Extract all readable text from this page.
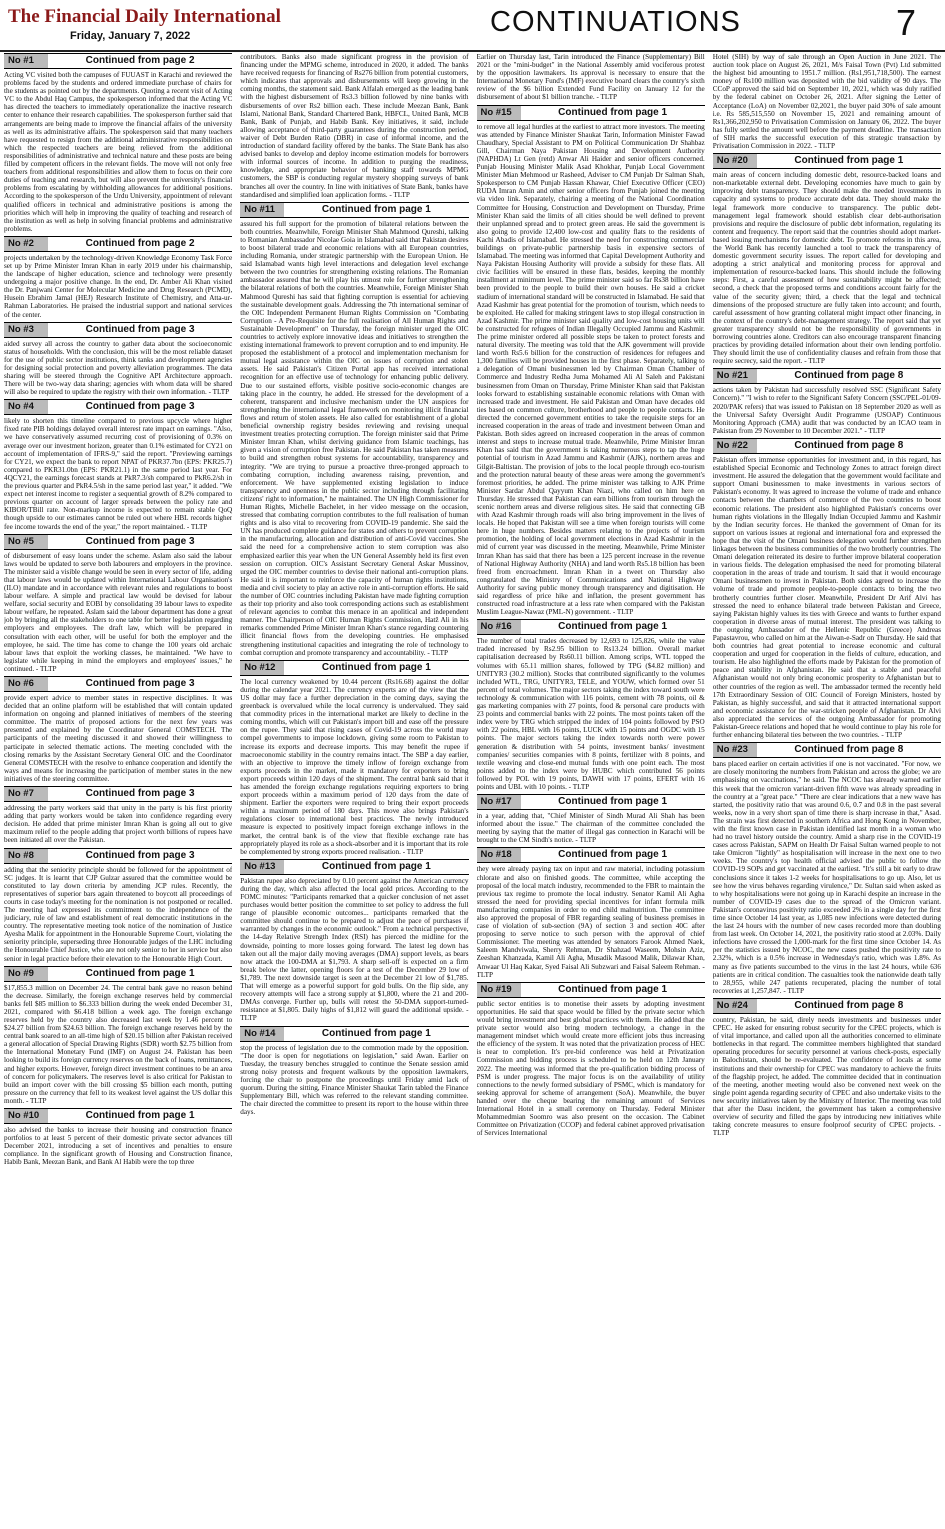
The Financial Daily International
Friday, January 7, 2022	CONTINUATIONS	7
No #1	Continued from page 2

Acting VC visited both the campuses of FUUAST in Karachi and reviewed the problems faced by the students and ordered immediate purchase of chairs for the students as pointed out by the departments. Quoting a recent visit of Acting VC to the Abdul Haq Campus, the spokesperson informed that the Acting VC has directed the teachers to immediately operationalize the inactive research center to enhance their research capabilities. The spokesperson further said that arrangements are being made to improve the financial affairs of the university as well as its administrative affairs. The spokesperson said that many teachers have requested to resign from the additional administrative responsibilities on which the respected teachers are being relieved from the additional responsibilities of administrative and technical nature and these posts are being filled by competent officers in the relevant fields. The move will not only free teachers from additional responsibilities and allow them to focus on their core duties of teaching and research, but will also prevent the university's financial problems from escalating by withholding allowances for additional positions. According to the spokesperson of the Urdu University, appointment of relevant qualified officers in technical and administrative positions is among the priorities which will help in improving the quality of teaching and research of the institution as well as help in solving financial problems and administrative problems.

No #2	Continued from page 2

projects undertaken by the technology-driven Knowledge Economy Task Force set up by Prime Minister Imran Khan in early 2019 under his chairmanship, the landscape of higher education, science and technology were presently undergoing a major positive change. In the end, Dr. Amber Ali Khan visited the Dr. Panjwani Center for Molecular Medicine and Drug Research (PCMD), Husein Ebrahim Jamal (HEJ) Research Institute of Chemistry, and Atta-ur-Rahman Laboratories. He praised the industrial support and national services of the center.

No #3	Continued from page 3

aided survey all across the country to gather data about the socioeconomic status of households. With the conclusion, this will be the most reliable dataset for the use of public sector institutions, think tanks and development agencies for designing social protection and poverty alleviation programmes. The data sharing will be steered through the Cognitive API Architecture approach. There will be two-way data sharing; agencies with whom data will be shared will also be required to update the registry with their own information. - TLTP

No #4	Continued from page 3

likely to shorten this timeline compared to previous upcycle where higher fixed rate PIB holdings delayed overall interest rate impact on earnings. "Also, we have conservatively assumed recurring cost of provisioning of 0.3% on average over our investment horizon, greater than 0.1% estimated for CY21 on account of implementation of IFRS-9," said the report. "Previewing earnings for CY21, we expect the bank to report NPAT of PKR37.7bn (EPS: PKR25.7) compared to PKR31.0bn (EPS: PKR21.1) in the same period last year. For 4QCY21, the earnings forecast stands at PkR7.3/sh compared to PkR6.2/sh in the previous quarter and PkR4.5/sh in the same period last year," it added. "We expect net interest income to register a sequential growth of 8.2% compared to previous quarter on account of larger spreads between the policy rate and KIBOR/TBill rate. Non-markup income is expected to remain stable QoQ though upside to our estimates cannot be ruled out where HBL records higher fee income towards the end of the year," the report maintained. - TLTP

No #5	Continued from page 3

of disbursement of easy loans under the scheme. Aslam also said the labour laws would be updated to serve both labourers and employers in the province. The minister said a visible change would be seen in every sector of life, adding that labour laws would be updated within International Labour Organisation's (ILO) mandate and in accordance with relevant rules and regulations to boost labour welfare. A simple and practical law would be devised for labour welfare, social security and EOBI by consolidating 39 labour laws to expedite labour welfare, he repeated. Aslam said the labour department has done a great job by bringing all the stakeholders to one table for better legislation regarding employers and employees. The draft law, which will be prepared in consultation with each other, will be useful for both the employer and the employee, he said. The time has come to change the 100 years old archaic labour laws that exploit the working classes, he maintained. "We have to legislate while keeping in mind the employers and employees' issues," he continued. - TLTP

No #6	Continued from page 3

provide expert advice to member states in respective disciplines. It was decided that an online platform will be established that will contain updated information on ongoing and planned initiatives of members of the steering committee. The matrix of proposed actions for the next few years was presented and explained by the Coordinator General COMSTECH. The participants of the meeting discussed it and showed their willingness to participate in selected thematic actions. The meeting concluded with the closing remarks by the Assistant Secretary General OIC and the Coordinator General COMSTECH with the resolve to enhance cooperation and identify the ways and means for increasing the participation of member states in the new initiatives of the steering committee.

No #7	Continued from page 3

addressing the party workers said that unity in the party is his first priority adding that party workers would be taken into confidence regarding every decision. He added that prime minister Imran Khan is going all out to give maximum relief to the people adding that project worth billions of rupees have been initiated all over the Pakistan.

No #8	Continued from page 3

adding that the seniority principle should be followed for the appointment of SC judges. It is learnt that CJP Gulzar assured that the committee would be constituted to lay down criteria by amending JCP rules. Recently, the representatives of superior bars again threatened to boycott all proceedings of courts in case today's meeting for the nomination is not postponed or recalled. The meeting had expressed its commitment to the independence of the judiciary, rule of law and establishment of real democratic institutions in the country. The representative meeting took notice of the nomination of Justice Ayesha Malik for appointment in the Honourable Supreme Court, violating the seniority principle, superseding three Honourable judges of the LHC including the Honourable Chief Justice, who are not only senior to her in service but also senior in legal practice before their elevation to the Honourable High Court.

No #9	Continued from page 1

$17,855.3 million on December 24. The central bank gave no reason behind the decrease. Similarly, the foreign exchange reserves held by commercial banks fell $85 million to $6.333 billion during the week ended December 31, 2021, compared with $6.418 billion a week ago. The foreign exchange reserves held by the country also decreased last week by 1.46 percent to $24.27 billion from $24.63 billion. The foreign exchange reserves held by the central bank soared to an all-time high of $20.15 billion after Pakistan received a general allocation of Special Drawing Rights (SDR) worth $2.75 billion from the International Monetary Fund (IMF) on August 24. Pakistan has been looking to build its foreign currency reserves on the back of loans, remittances, and higher exports. However, foreign direct investment continues to be an area of concern for policymakers. The reserves level is also critical for Pakistan to build an import cover with the bill crossing $5 billion each month, putting pressure on the currency that fell to its weakest level against the US dollar this month. - TLTP

No #10	Continued from page 1

also advised the banks to increase their housing and construction finance portfolios to at least 5 percent of their domestic private sector advances till December 2021, introducing a set of incentives and penalties to ensure compliance. In the significant growth of Housing and Construction finance, Habib Bank, Meezan Bank, and Bank Al Habib were the top three

contributors. Banks also made significant progress in the provision of financing under the MPMG scheme, introduced in 2020, it added. The banks have received requests for financing of Rs276 billion from potential customers, which indicates that approvals and disbursements will keep growing in the coming months, the statement said. Bank Alfalah emerged as the leading bank with the highest disbursement of Rs3.3 billion followed by nine banks with disbursements of over Rs2 billion each. These include Meezan Bank, Bank Islami, National Bank, Standard Chartered Bank, HBFCL, United Bank, MCB Bank, Bank of Punjab, and Habib Bank. Key initiatives, it said, include allowing acceptance of third-party guarantees during the construction period, waiver of Debt Burden Ratio (DBR) in case of informal income, and the introduction of standard facility offered by the banks. The State Bank has also advised banks to develop and deploy income estimation models for borrowers with informal sources of income. In addition to purging the readiness, knowledge, and appropriate behavior of banking staff towards MPMG customers, the SBP is conducting regular mystery shopping surveys of bank branches all over the country. In line with initiatives of State Bank, banks have standardised and simplified loan application forms. - TLTP

No #11	Continued from page 1

assured his full support for the promotion of bilateral relations between the both countries. Meanwhile, Foreign Minister Shah Mahmood Qureshi, talking to Romanian Ambassador Nicolae Goia in Islamabad said that Pakistan desires to boost bilateral trade and economic relations with all European countries, including Romania, under strategic partnership with the European Union. He said Islamabad wants high level interactions and delegation level exchange between the two countries for strengthening existing relations. The Romanian ambassador assured that he will play his utmost role for further strengthening the bilateral relations of both the countries. Meanwhile, Foreign Minister Shah Mahmood Qureshi has said that fighting corruption is essential for achieving the sustainable development goals. Addressing the 7th international seminar of the OIC Independent Permanent Human Rights Commission on "Combating Corruption - A Pre-Requisite for the full realisation of All Human Rights and Sustainable Development" on Thursday, the foreign minister urged the OIC countries to actively explore innovative ideas and initiatives to strengthen the existing international framework to prevent corruption and to end impunity. He proposed the establishment of a protocol and implementation mechanism for mutual legal assistance within the OIC on issues of corruption and stolen assets. He said Pakistan's Citizen Portal app has received international recognition for an effective use of technology for enhancing public delivery. Due to our sustained efforts, visible positive socio-economic changes are taking place in the country, he added. He stressed for the development of a coherent, transparent and inclusive mechanism under the UN auspices for strengthening the international legal framework on monitoring illicit financial flows and return of stolen assets. He also called for establishment of a global beneficial ownership registry besides reviewing and revising unequal investment treaties protecting corruption. The foreign minister said that Prime Minister Imran Khan, whilst deriving guidance from Islamic teachings, has given a vision of corruption free Pakistan. He said Pakistan has taken measures to build and strengthen robust systems for accountability, transparency and integrity. "We are trying to pursue a proactive three-pronged approach to combating corruption, including awareness raising, prevention, and enforcement. We have supplemented existing legislation to induce transparency and openness in the public sector including through facilitating citizens' right to information," he maintained. The UN High Commissioner for Human Rights, Michelle Bachelet, in her video message on the occasion, stressed that combating corruption contributes to the full realisation of human rights and is also vital to recovering from COVID-19 pandemic. She said the UN has produced complete guidance for states and others to prevent corruption in the manufacturing, allocation and distribution of anti-Covid vaccines. She said the need for a comprehensive action to stem corruption was also emphasized earlier this year when the UN General Assembly held its first even session on corruption. OIC's Assistant Secretary General Askar Mussinov, urged the OIC member countries to devise their national anti-corruption plans. He said it is important to reinforce the capacity of human rights institutions, media and civil society to play an active role in anti-corruption efforts. He said the number of OIC countries including Pakistan have made fighting corruption as their top priority and also took corresponding actions such as establishment of relevant agencies to combat this menace in an apolitical and independent manner. The Chairperson of OIC Human Rights Commission, Hatž Ali in his remarks commended Prime Minister Imran Khan's stance regarding countering illicit financial flows from the developing countries. He emphasised strengthening institutional capacities and integrating the role of technology to combat corruption and promote transparency and accountability. - TLTP

No #12	Continued from page 1

The local currency weakened by 10.44 percent (Rs16.68) against the dollar during the calendar year 2021. The currency experts are of the view that the US dollar may face a further depreciation in the coming days, saying the greenback is overvalued while the local currency is undervalued. They said that commodity prices in the international market are likely to decline in the coming months, which will cut Pakistan's import bill and ease off the pressure on the rupee. They said that rising cases of Covid-19 across the world may compel governments to impose lockdown, giving some room to Pakistan to increase its exports and decrease imports. This may benefit the rupee if macroeconomic stability in the country remains intact. The SBP a day earlier, with an objective to improve the timely inflow of foreign exchange from exports proceeds in the market, made it mandatory for exporters to bring export proceeds within 120 days of the shipment. The central bank said that it has amended the foreign exchange regulations requiring exporters to bring export proceeds within a maximum period of 120 days from the date of shipment. Earlier the exporters were required to bring their export proceeds within a maximum period of 180 days. This move also brings Pakistan's regulations closer to international best practices. The newly introduced measure is expected to positively impact foreign exchange inflows in the market, the central bank is of the view that flexible exchange rate has appropriately played its role as a shock-absorber and it is important that its role be complemented by strong exports proceed realisation. - TLTP

No #13	Continued from page 1

Pakistan rupee also depreciated by 0.10 percent against the American currency during the day, which also affected the local gold prices. According to the FOMC minutes: "Participants remarked that a quicker conclusion of net asset purchases would better position the committee to set policy to address the full range of plausible economic outcomes... participants remarked that the committee should continue to be prepared to adjust the pace of purchases if warranted by changes in the economic outlook." From a technical perspective, the 14-day Relative Strength Index (RSI) has pierced the midline for the downside, pointing to more losses going forward. The latest leg down has taken out all the major daily moving averages (DMA) support levels, as bears now attack the 100-DMA at $1,793. A sharp sell-off is expected on a firm break below the latter, opening floors for a test of the December 29 low of $1,789. The next downside target is seen at the December 21 low of $1,785. That will emerge as a powerful support for gold bulls. On the flip side, any recovery attempts will face a strong supply at $1,800, where the 21 and 200-DMAs converge. Further up, bulls will retest the 50-DMA support-turned-resistance at $1,805. Daily highs of $1,812 will guard the additional upside. - TLTP

No #14	Continued from page 1

stop the process of legislation due to the commotion made by the opposition. "The door is open for negotiations on legislation," said Awan. Earlier on Tuesday, the treasury benches struggled to continue the Senate session amid strong noisy protests and frequent walkouts by the opposition lawmakers, forcing the chair to postpone the proceedings until Friday amid lack of quorum. During the sitting, Finance Minister Shaukat Tarin tabled the Finance Supplementary Bill, which was referred to the relevant standing committee. The chair directed the committee to present its report to the house within three days.

Earlier on Thursday last, Tarin introduced the Finance (Supplementary) Bill 2021 or the "mini-budget" in the National Assembly amid vociferous protest by the opposition lawmakers. Its approval is necessary to ensure that the International Monetary Fund's (IMF) executive board clears the country's sixth review of the $6 billion Extended Fund Facility on January 12 for the disbursement of about $1 billion tranche. - TLTP

No #15	Continued from page 1

to remove all legal hurdles at the earliest to attract more investors. The meeting was attended by Finance Minister Shaukat Tarin, Information Minister Fawad Chaudhary, Special Assistant to PM on Political Communication Dr Shahbaz Gill, Chairman Naya Pakistan Housing and Development Authority (NAPHDA) Lt Gen (retd) Anwar Ali Haider and senior officers concerned. Punjab Housing Minister Malik Asad Khokhar, Punjab Local Government Minister Mian Mehmood ur Rasheed, Adviser to CM Punjab Dr Salman Shah, Spokesperson to CM Punjab Hassan Khawar, Chief Executive Officer (CEO) RUDA Imran Amin and other senior officers from Punjab joined the meeting via video link. Separately, chairing a meeting of the National Coordination Committee for Housing, Construction and Development on Thursday, Prime Minister Khan said the limits of all cities should be well defined to prevent their unplanned spread and to protect green areas. He said the government is also going to provide 12,400 low-cost and quality flats to the residents of Kachi Abadis of Islamabad. He stressed the need for constructing commercial buildings on private-public partnership basis in expensive sectors of Islamabad. The meeting was informed that Capital Development Authority and Naya Pakistan Housing Authority will provide a subsidy for these flats. All civic facilities will be ensured in these flats, besides, keeping the monthly installment at minimum level. The prime minister said so far Rs38 billion have been provided to the people to build their own houses. He said a cricket stadium of international standard will be constructed in Islamabad. He said that Azad Kashmir has great potential for the promotion of tourism, which needs to be exploited. He called for making stringent laws to stop illegal construction in Azad Kashmir. The prime minister said quality and low-cost housing units will be constructed for refugees of Indian Illegally Occupied Jammu and Kashmir. The prime minister ordered all possible steps be taken to protect forests and natural diversity. The meeting was told that the AJK government will provide land worth Rs5.6 billion for the construction of residences for refugees and 1,300 families will be provided houses in the first phase. Separately, talking to a delegation of Omani businessmen led by Chairman Oman Chamber of Commerce and Industry Redha Juma Mohamed Ali Al Saleh and Pakistani businessmen from Oman on Thursday, Prime Minister Khan said that Pakistan looks forward to establishing sustainable economic relations with Oman with increased trade and investment. He said Pakistan and Oman have decades old ties based on common culture, brotherhood and people to people contacts. He directed the concerned government entities to take the requisite steps for an increased cooperation in the areas of trade and investment between Oman and Pakistan. Both sides agreed on increased cooperation in the areas of common interest and steps to increase mutual trade. Meanwhile, Prime Minister Imran Khan has said that the government is taking numerous steps to tap the huge potential of tourism in Azad Jammu and Kashmir (AJK), northern areas and Gilgit-Baltistan. The provision of jobs to the local people through eco-tourism and the protection natural beauty of these areas were among the government's foremost priorities, he added. The prime minister was talking to AJK Prime Minister Sardar Abdul Qayyum Khan Niazi, who called on him here on Thursday. He stressed that Pakistan can earn billions from tourism through the scenic northern areas and diverse religious sites. He said that connecting GB with Azad Kashmir through roads will also bring improvement in the lives of locals. He hoped that Pakistan will see a time when foreign tourists will come here in huge numbers. Besides matters relating to the projects of tourism promotion, the holding of local government elections in Azad Kashmir in the mid of current year was discussed in the meeting. Meanwhile, Prime Minister Imran Khan has said that there has been a 125 percent increase in the revenue of National Highway Authority (NHA) and land worth Rs5.18 billion has been freed from encroachment. Imran Khan in a tweet on Thursday also congratulated the Ministry of Communications and National Highway Authority for saving public money through transparency and digitisation. He said regardless of price hike and inflation, the present government has constructed road infrastructure at a less rate when compared with the Pakistan Muslim League-Nawaz (PML-N) government. - TLTP

No #16	Continued from page 1

The number of total trades decreased by 12,693 to 125,826, while the value traded increased by Rs2.95 billion to Rs13.24 billion. Overall market capitalisation decreased by Rs60.11 billion. Among scrips, WTL topped the volumes with 65.11 million shares, followed by TPG ($4.82 million) and UNITYR3 (30.2 million). Stocks that contributed significantly to the volumes included WTL, TRG, UNITYR3, TELE, and YOUW, which formed over 51 percent of total volumes. The major sectors taking the index toward south were technology & communication with 116 points, cement with 78 points, oil & gas marketing companies with 27 points, food & personal care products with 23 points and commercial banks with 22 points. The most points taken off the index were by TRG which stripped the index of 104 points followed by PSO with 22 points, HBL with 16 points, LUCK with 15 points and OGDC with 15 points. The major sectors taking the index towards north were power generation & distribution with 54 points, investment banks/ investment companies/ securities companies with 8 points, fertilizer with 8 points, and textile weaving and close-end mutual funds with one point each. The most points added to the index were by HUBC which contributed 56 points followed by POL with 19 points, DAWH with 17 points, EFERT with 16 points and UBL with 10 points. - TLTP

No #17	Continued from page 1

in a year, adding that, "Chief Minister of Sindh Murad Ali Shah has been informed about the issue." The chairman of the committee concluded the meeting by saying that the matter of illegal gas connection in Karachi will be brought to the CM Sindh's notice. - TLTP

No #18	Continued from page 1

they were already paying tax on input and raw material, including potassium chlorate and also on finished goods. The committee, while accepting the proposal of the local match industry, recommended to the FBR to maintain the previous tax regime to promote the local industry. Senator Kamil Ali Agha stressed the need for providing special incentives for infant formula milk manufacturing companies in order to end child malnutrition. The committee also approved the proposal of FBR regarding sealing of business premises in case of violation of sub-section (9A) of section 3 and section 40C after proposing to serve notice to such person with the approval of chief Commissioner. The meeting was attended by senators Farook Ahmed Naek, Saleem Mandviwala, Sherry Rehman, Dr Shahzad Waseem, Mohsin Aziz, Zeeshan Khanzada, Kamil Ali Agha, Musadik Masood Malik, Dilawar Khan, Anwaar Ul Haq Kakar, Syed Faisal Ali Subzwari and Faisal Saleem Rehman. - TLTP

No #19	Continued from page 1

public sector entities is to monetise their assets by adopting investment opportunities. He said that space would be filled by the private sector which would bring investment and best global practices with them. He added that the private sector would also bring modern technology, a change in the management mindset which would create more efficient jobs thus increasing the efficiency of the system. It was noted that the privatization process of HEC is near to completion. It's pre-bid conference was held at Privatization Commission and bidding process is scheduled to be held on 12th January 2022. The meeting was informed that the pre-qualification bidding process of PSM is under progress. The major focus is on the availability of utility connections to the newly formed subsidiary of PSMC, which is mandatory for seeking approval for scheme of arrangement (SoA). Meanwhile, the buyer handed over the cheque bearing the remaining amount of Services International Hotel in a small ceremony on Thursday. Federal Minister Mohammedmian Soomro was also present on the occasion. The Cabinet Committee on Privatization (CCOP) and federal cabinet approved privatisation of Services International

Hotel (SIH) by way of sale through an Open Auction in June 2021. The auction took place on August 26, 2021, M/s Faisal Town (Pvt) Ltd submitted the highest bid amounting to 1951.7 million. (Rs1,951,718,500). The earnest money of Rs100 million was deposited with the bid validity of 90 days. The CCoP approved the said bid on September 10, 2021, which was duly ratified by the federal cabinet on October 26, 2021. After signing the Letter of Acceptance (LoA) on November 02,2021, the buyer paid 30% of sale amount i.e. Rs 585,515,550 on November 15, 2021 and remaining amount of Rs1,366,202,950 to Privatisation Commission on January 06, 2022. The buyer has fully settled the amount well before the payment deadline. The transaction of SIH marks the successful execution of this strategic transaction by Privatisation Commission in 2022. - TLTP

No #20	Continued from page 1

main areas of concern including domestic debt, resource-backed loans and non-marketable external debt. Developing economies have much to gain by improving debt transparency. They should make the needed investments in capacity and systems to produce accurate debt data. They should make the legal framework more conducive to transparency. The public debt-management legal framework should establish clear debt-authorisation provisions and require the disclosure of public debt information, regulating its content and frequency. The report said that the countries should adopt market-based issuing mechanisms for domestic debt. To promote reforms in this area, the World Bank has recently launched a tool to track the transparency of domestic government security issues. The report called for developing and adopting a strict analytical and monitoring process for approval and implementation of resource-backed loans. This should include the following steps: First, a careful assessment of how sustainability might be affected; second, a check that the proposed terms and conditions account fairly for the value of the security given; third, a check that the legal and technical dimensions of the proposed structure are fully taken into account; and fourth, careful assessment of how granting collateral might impact other financing, in the context of the country's debt-management strategy. The report said that yet greater transparency should not be the responsibility of governments in borrowing countries alone. Creditors can also encourage transparent financing practices by providing detailed information about their own lending portfolio. They should limit the use of confidentiality clauses and refrain from those that require secrecy, said the report. - TLTP

No #21	Continued from page 8

actions taken by Pakistan had successfully resolved SSC (Significant Safety Concern)." "I wish to refer to the Significant Safety Concern (SSC/PEL-01/09-2020/PAK refers) that was issued to Pakistan on 18 September 2020 as well as the Universal Safety Oversight Audit Programme (USOAP) Continuous Monitoring Approach (CMA) audit that was conducted by an ICAO team in Pakistan from 29 November to 10 December 2021." - TLTP

No #22	Continued from page 8

Pakistan offers immense opportunities for investment and, in this regard, has established Special Economic and Technology Zones to attract foreign direct investment. He assured the delegation that the government would facilitate and support Omani businessmen to make investments in various sectors of Pakistan's economy. It was agreed to increase the volume of trade and enhance contacts between the chambers of commerce of the two countries to boost economic relations. The president also highlighted Pakistan's concerns over human rights violations in the Illegally Indian Occupied Jammu and Kashmir by the Indian security forces. He thanked the government of Oman for its support on various issues at regional and international fora and expressed the hope that the visit of the Omani business delegation would further strengthen linkages between the business communities of the two brotherly countries. The Omani delegation reiterated its desire to further improve bilateral cooperation in various fields. The delegation emphasised the need for promoting bilateral cooperation in the areas of trade and tourism. It said that it would encourage Omani businessmen to invest in Pakistan. Both sides agreed to increase the volume of trade and promote people-to-people contacts to bring the two brotherly countries further closer. Meanwhile, President Dr Arif Alvi has stressed the need to enhance bilateral trade between Pakistan and Greece, saying Pakistan highly values its ties with Greece and wants to further expand cooperation in diverse areas of mutual interest. The president was talking to the outgoing Ambassador of the Hellenic Republic (Greece) Andreas Papastavrou, who called on him at the Aiwan-e-Sadr on Thursday. He said that both countries had great potential to increase economic and cultural cooperation and urged for cooperation in the fields of culture, education, and tourism. He also highlighted the efforts made by Pakistan for the promotion of peace and stability in Afghanistan. He said that a stable and peaceful Afghanistan would not only bring economic prosperity to Afghanistan but to other countries of the region as well. The ambassador termed the recently held 17th Extraordinary Session of OIC Council of Foreign Ministers, hosted by Pakistan, as highly successful, and said that it attracted international support and economic assistance for the war-stricken people of Afghanistan. Dr Alvi also appreciated the services of the outgoing Ambassador for promoting Pakistan-Greece relations and hoped that he would continue to play his role for further enhancing bilateral ties between the two countries. - TLTP

No #23	Continued from page 8

bans placed earlier on certain activities if one is not vaccinated. "For now, we are closely monitoring the numbers from Pakistan and across the globe; we are emphasising on vaccinations," he said. The NCOC has already warned earlier this week that the omicron variant-driven fifth wave was already spreading in the country at a "great pace." "There are clear indications that a new wave has started, the positivity ratio that was around 0.6, 0.7 and 0.8 in the past several weeks, now in a very short span of time there is sharp increase in that," Asad. The strain was first detected in southern Africa and Hong Kong in November, with the first known case in Pakistan identified last month in a woman who had no travel history outside the country. Amid a sharp rise in the COVID-19 cases across Pakistan, SAPM on Health Dr Faisal Sultan warned people to not take Omicron "lightly" as hospitalisation will increase in the next one to two weeks. The country's top health official advised the public to follow the COVID-19 SOPs and get vaccinated at the earliest. "It's still a bit early to draw conclusions since it takes 1-2 weeks for hospitalisations to go up. Also, let us see how the virus behaves regarding virulence," Dr. Sultan said when asked as to why hospitalisations were not going up in Karachi despite an increase in the number of COVID-19 cases due to the spread of the Omicron variant. Pakistan's coronavirus positivity ratio exceeded 2% in a single day for the first time since October 14 last year, as 1,085 new infections were detected during the last 24 hours with the number of new cases recorded more than doubling from last week. On October 14, 2021, the positivity ratio stood at 2.03%. Daily infections have crossed the 1,000-mark for the first time since October 14. As per the statistics issued by NCOC, the new cases pushed the positivity rate to 2.32%, which is a 0.5% increase in Wednesday's ratio, which was 1.8%. As many as five patients succumbed to the virus in the last 24 hours, while 636 patients are in critical condition. The casualties took the nationwide death tally to 28,955, while 247 patients recuperated, placing the number of total recoveries at 1,257,847. - TLTP

No #24	Continued from page 8

country, Pakistan, he said, direly needs investments and businesses under CPEC. He asked for ensuring robust security for the CPEC projects, which is of vital importance, and called upon all the authorities concerned to eliminate bottlenecks in that regard. The committee members highlighted that standard operating procedures for security personnel at various check-posts, especially in Balochistan, should be re-evaluated. The confidence of locals at some institutions and their ownership for CPEC was mandatory to achieve the fruits of the flagship project, he added. The committee decided that in continuation of the meeting, another meeting would also be convened next week on the single point agenda regarding security of CPEC and also undertake visits to the new security initiatives taken by the Ministry of Interior. The meeting was told that after the Dasu incident, the government has taken a comprehensive overview of security and filled the gaps by introducing new initiatives while taking concrete measures to ensure foolproof security of CPEC projects. - TLTP
